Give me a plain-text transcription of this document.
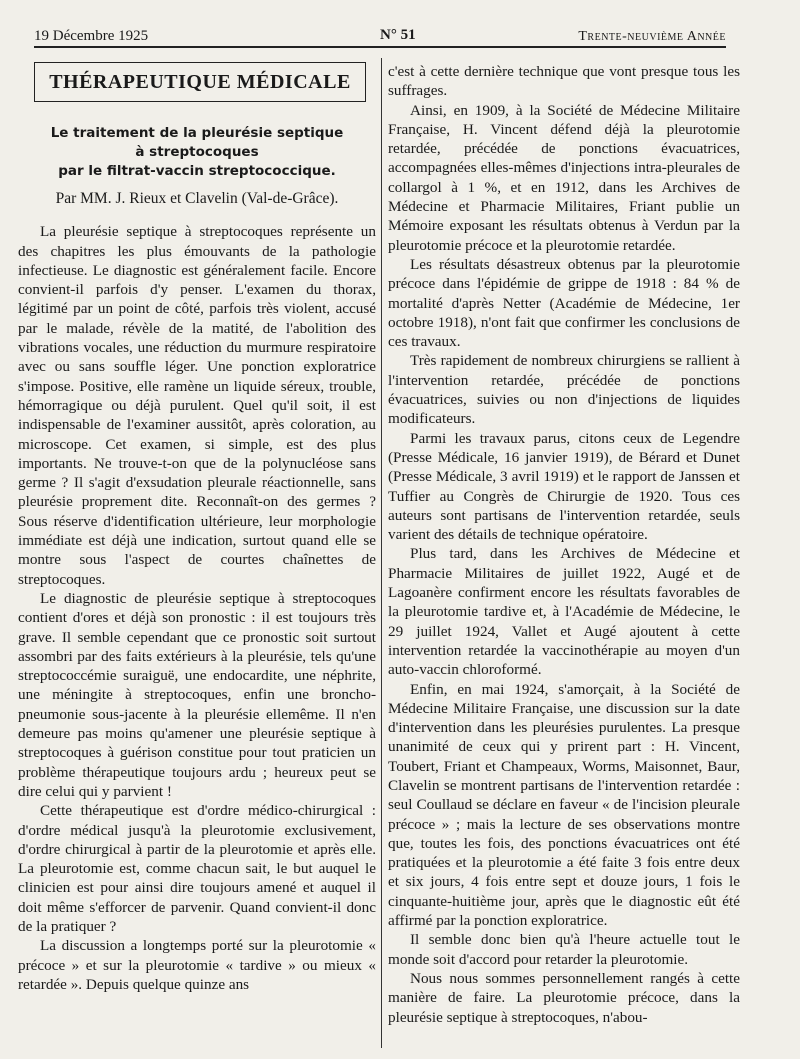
19 Décembre 1925	N° 51	Trente-neuvième Année
THÉRAPEUTIQUE MÉDICALE
Le traitement de la pleurésie septique
à streptocoques
par le filtrat-vaccin streptococcique.
Par MM. J. Rieux et Clavelin (Val-de-Grâce).

La pleurésie septique à streptocoques représente un des chapitres les plus émouvants de la pathologie infectieuse. Le diagnostic est généralement facile. Encore convient-il parfois d'y penser. L'examen du thorax, légitimé par un point de côté, parfois très violent, accusé par le malade, révèle de la matité, de l'abolition des vibrations vocales, une réduction du murmure respiratoire avec ou sans souffle léger. Une ponction exploratrice s'impose. Positive, elle ramène un liquide séreux, trouble, hémorragique ou déjà purulent. Quel qu'il soit, il est indispensable de l'examiner aussitôt, après coloration, au microscope. Cet examen, si simple, est des plus importants. Ne trouve-t-on que de la polynucléose sans germe ? Il s'agit d'exsudation pleurale réactionnelle, sans pleurésie proprement dite. Reconnaît-on des germes ? Sous réserve d'identification ultérieure, leur morphologie immédiate est déjà une indication, surtout quand elle se montre sous l'aspect de courtes chaînettes de streptocoques.

Le diagnostic de pleurésie septique à streptocoques contient d'ores et déjà son pronostic : il est toujours très grave. Il semble cependant que ce pronostic soit surtout assombri par des faits extérieurs à la pleurésie, tels qu'une streptococcémie suraiguë, une endocardite, une néphrite, une méningite à streptocoques, enfin une broncho-pneumonie sous-jacente à la pleurésie ellemême. Il n'en demeure pas moins qu'amener une pleurésie septique à streptocoques à guérison constitue pour tout praticien un problème thérapeutique toujours ardu ; heureux peut se dire celui qui y parvient !

Cette thérapeutique est d'ordre médico-chirurgical : d'ordre médical jusqu'à la pleurotomie exclusivement, d'ordre chirurgical à partir de la pleurotomie et après elle. La pleurotomie est, comme chacun sait, le but auquel le clinicien est pour ainsi dire toujours amené et auquel il doit même s'efforcer de parvenir. Quand convient-il donc de la pratiquer ?

La discussion a longtemps porté sur la pleurotomie « précoce » et sur la pleurotomie « tardive » ou mieux « retardée ». Depuis quelque quinze ans

c'est à cette dernière technique que vont presque tous les suffrages.

Ainsi, en 1909, à la Société de Médecine Militaire Française, H. Vincent défend déjà la pleurotomie retardée, précédée de ponctions évacuatrices, accompagnées elles-mêmes d'injections intra-pleurales de collargol à 1 %, et en 1912, dans les Archives de Médecine et Pharmacie Militaires, Friant publie un Mémoire exposant les résultats obtenus à Verdun par la pleurotomie précoce et la pleurotomie retardée.

Les résultats désastreux obtenus par la pleurotomie précoce dans l'épidémie de grippe de 1918 : 84 % de mortalité d'après Netter (Académie de Médecine, 1er octobre 1918), n'ont fait que confirmer les conclusions de ces travaux.

Très rapidement de nombreux chirurgiens se rallient à l'intervention retardée, précédée de ponctions évacuatrices, suivies ou non d'injections de liquides modificateurs.

Parmi les travaux parus, citons ceux de Legendre (Presse Médicale, 16 janvier 1919), de Bérard et Dunet (Presse Médicale, 3 avril 1919) et le rapport de Janssen et Tuffier au Congrès de Chirurgie de 1920. Tous ces auteurs sont partisans de l'intervention retardée, seuls varient des détails de technique opératoire.

Plus tard, dans les Archives de Médecine et Pharmacie Militaires de juillet 1922, Augé et de Lagoanère confirment encore les résultats favorables de la pleurotomie tardive et, à l'Académie de Médecine, le 29 juillet 1924, Vallet et Augé ajoutent à cette intervention retardée la vaccinothérapie au moyen d'un auto-vaccin chloroformé.

Enfin, en mai 1924, s'amorçait, à la Société de Médecine Militaire Française, une discussion sur la date d'intervention dans les pleurésies purulentes. La presque unanimité de ceux qui y prirent part : H. Vincent, Toubert, Friant et Champeaux, Worms, Maisonnet, Baur, Clavelin se montrent partisans de l'intervention retardée : seul Coullaud se déclare en faveur « de l'incision pleurale précoce » ; mais la lecture de ses observations montre que, toutes les fois, des ponctions évacuatrices ont été pratiquées et la pleurotomie a été faite 3 fois entre deux et six jours, 4 fois entre sept et douze jours, 1 fois le cinquante-huitième jour, après que le diagnostic eût été affirmé par la ponction exploratrice.

Il semble donc bien qu'à l'heure actuelle tout le monde soit d'accord pour retarder la pleurotomie.

Nous nous sommes personnellement rangés à cette manière de faire. La pleurotomie précoce, dans la pleurésie septique à streptocoques, n'abou-
